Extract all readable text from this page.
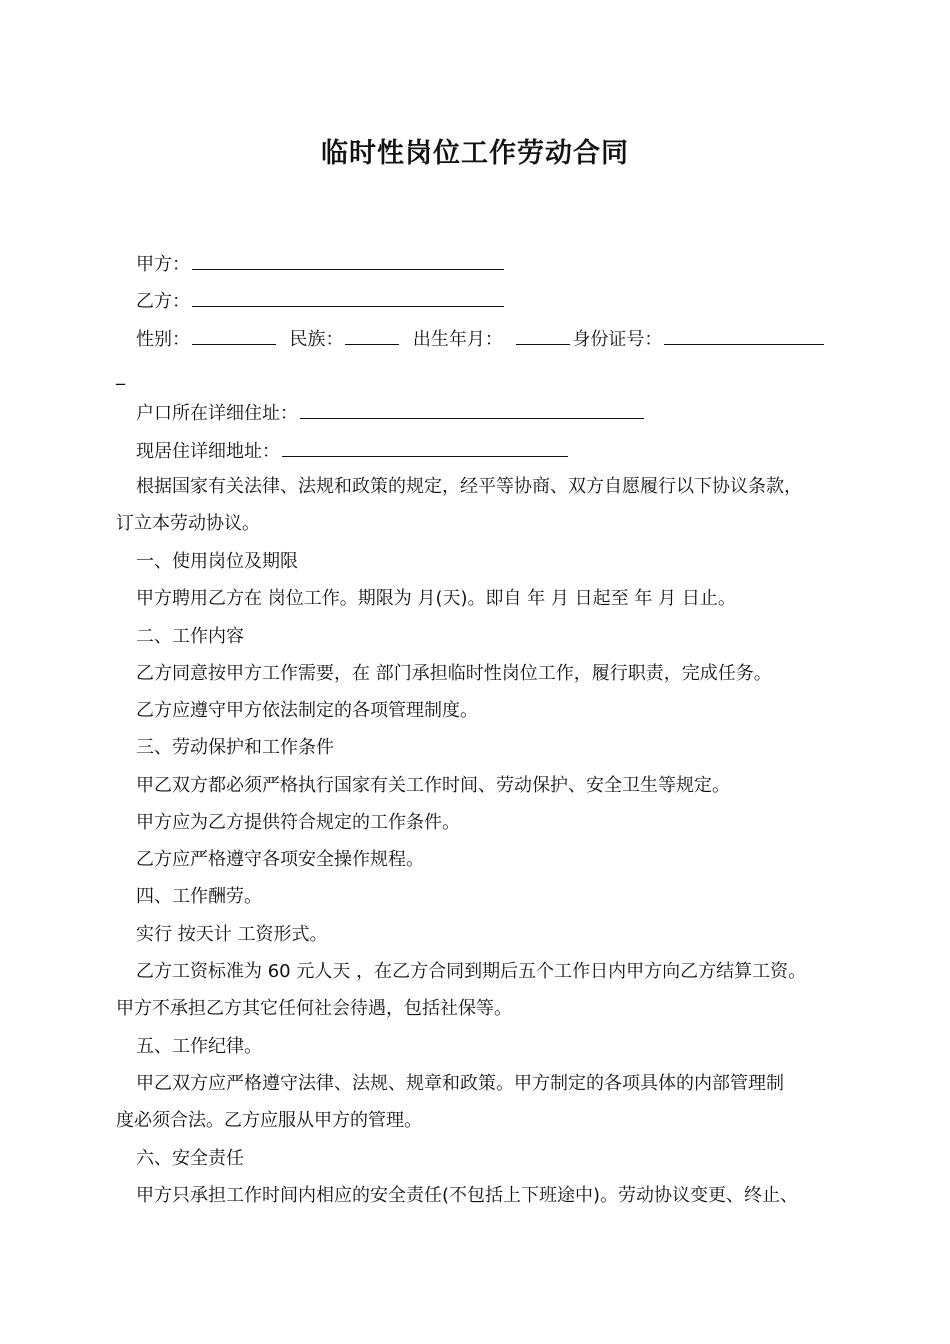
临时性岗位工作劳动合同
甲方：
乙方：
性别：	民族：	出生年月：	身份证号：
_
户口所在详细住址：
现居住详细地址：
根据国家有关法律、法规和政策的规定，经平等协商、双方自愿履行以下协议条款，
订立本劳动协议。
一、使用岗位及期限
甲方聘用乙方在 岗位工作。期限为 月(天)。即自 年 月 日起至 年 月 日止。
二、工作内容
乙方同意按甲方工作需要，在 部门承担临时性岗位工作，履行职责，完成任务。
乙方应遵守甲方依法制定的各项管理制度。
三、劳动保护和工作条件
甲乙双方都必须严格执行国家有关工作时间、劳动保护、安全卫生等规定。
甲方应为乙方提供符合规定的工作条件。
乙方应严格遵守各项安全操作规程。
四、工作酬劳。
实行 按天计 工资形式。
乙方工资标准为 60 元人天 ，在乙方合同到期后五个工作日内甲方向乙方结算工资。
甲方不承担乙方其它任何社会待遇，包括社保等。
五、工作纪律。
甲乙双方应严格遵守法律、法规、规章和政策。甲方制定的各项具体的内部管理制
度必须合法。乙方应服从甲方的管理。
六、安全责任
甲方只承担工作时间内相应的安全责任(不包括上下班途中)。劳动协议变更、终止、
